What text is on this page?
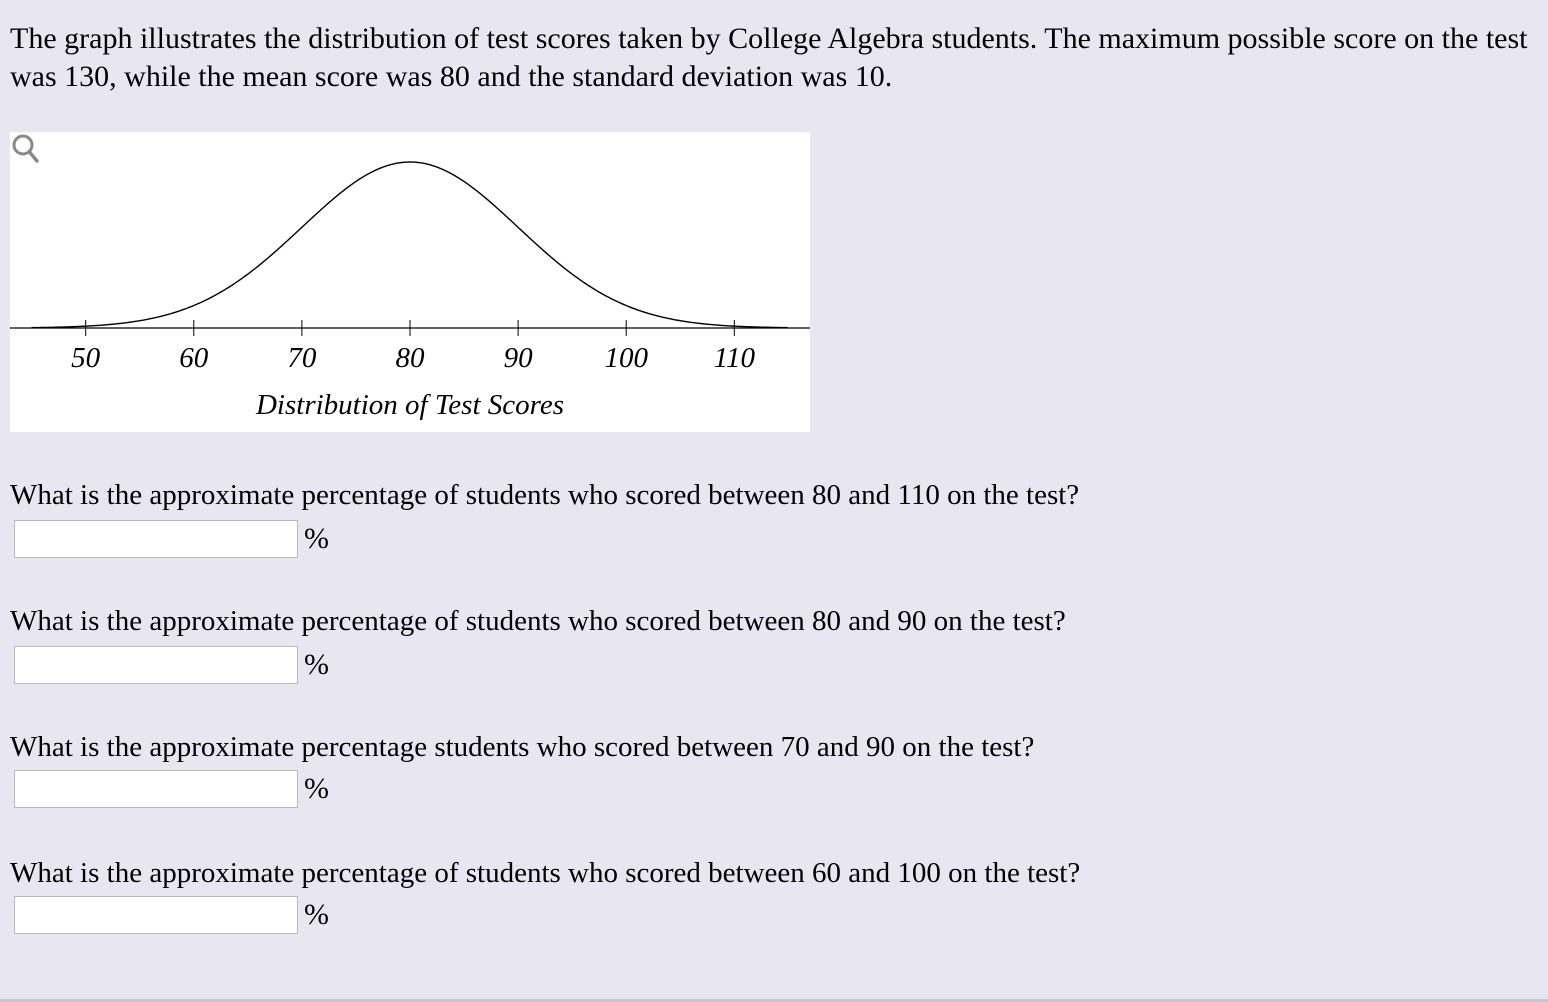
The graph illustrates the distribution of test scores taken by College Algebra students. The maximum possible score on the test was 130, while the mean score was 80 and the standard deviation was 10.

50	60	70	80	90 100 110
Distribution of Test Scores

What is the approximate percentage of students who scored between 80 and 110 on the test?

%

What is the approximate percentage of students who scored between 80 and 90 on the test?

%

What is the approximate percentage students who scored between 70 and 90 on the test?

%

What is the approximate percentage of students who scored between 60 and 100 on the test?

%
